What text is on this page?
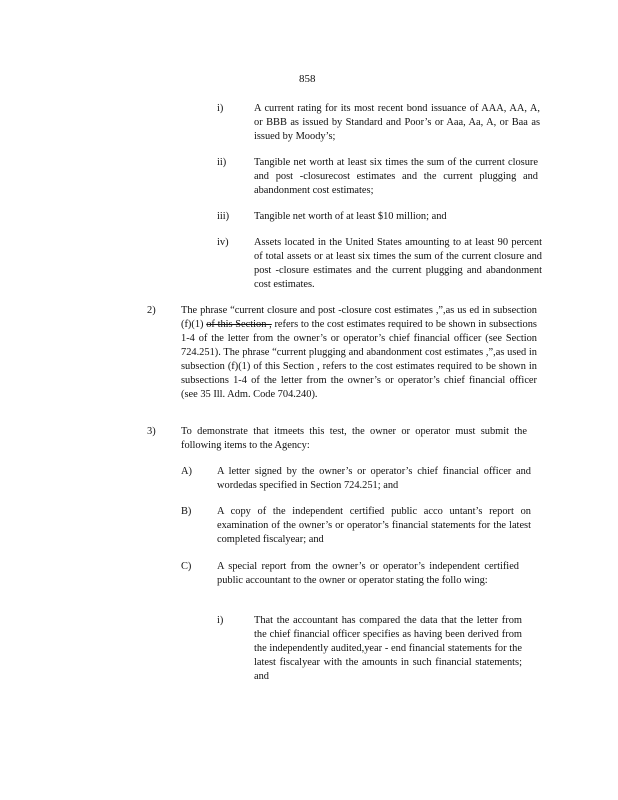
858
i)	A current rating for its most recent bond issuance of AAA, AA, A, or BBB as issued by Standard and Poor’s or Aaa, Aa, A, or Baa as issued by Moody’s;
ii)	Tangible net worth at least six times the sum of the current closure and post -closurecost estimates and the current plugging and abandonment cost estimates;
iii) Tangible net worth of at least $10 million; and
iv) Assets located in the United States amounting to at least 90 percent of total assets or at least six times the sum of the current closure and post -closure estimates and the current plugging and abandonment cost estimates.
2) The phrase “current closure and post -closure cost estimates ,”,as us ed in subsection (f)(1) of this Section , refers to the cost estimates required to be shown in subsections 1-4 of the letter from the owner’s or operator’s chief financial officer (see Section 724.251). The phrase “current plugging and abandonment cost estimates ,”,as used in subsection (f)(1) of this Section , refers to the cost estimates required to be shown in subsections 1-4 of the letter from the owner’s or operator’s chief financial officer (see 35 Ill. Adm. Code 704.240).
3) To demonstrate that itmeets this test, the owner or operator must submit the following items to the Agency:
A) A letter signed by the owner’s or operator’s chief financial officer and wordedas specified in Section 724.251; and
B) A copy of the independent certified public acco untant’s report on examination of the owner’s or operator’s financial statements for the latest completed fiscalyear; and
C) A special report from the owner’s or operator’s independent certified public accountant to the owner or operator stating the follo wing:
i)	That the accountant has compared the data that the letter from the chief financial officer specifies as having been derived from the independently audited,year - end financial statements for the latest fiscalyear with the amounts in such financial statements; and
